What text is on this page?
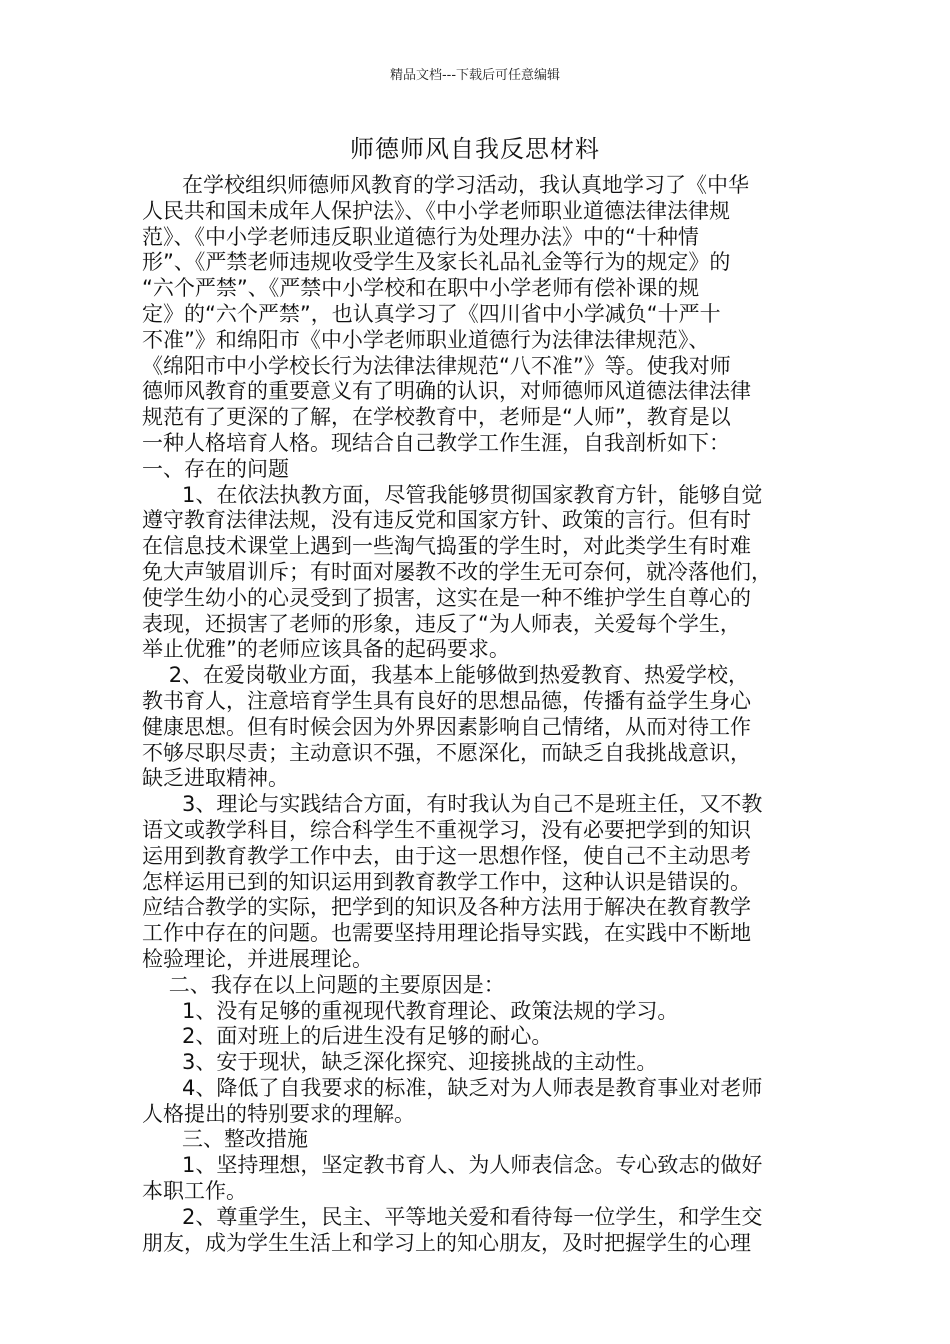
精品文档---下载后可任意编辑
师德师风自我反思材料
在学校组织师德师风教育的学习活动，我认真地学习了《中华
人民共和国未成年人保护法》、《中小学老师职业道德法律法律规
范》、《中小学老师违反职业道德行为处理办法》中的“十种情
形”、《严禁老师违规收受学生及家长礼品礼金等行为的规定》的
“六个严禁”、《严禁中小学校和在职中小学老师有偿补课的规
定》的“六个严禁”，也认真学习了《四川省中小学减负“十严十
不准”》和绵阳市《中小学老师职业道德行为法律法律规范》、
《绵阳市中小学校长行为法律法律规范“八不准”》等。使我对师
德师风教育的重要意义有了明确的认识，对师德师风道德法律法律
规范有了更深的了解，在学校教育中，老师是“人师”，教育是以
一种人格培育人格。现结合自己教学工作生涯，自我剖析如下：
一、存在的问题
1、在依法执教方面，尽管我能够贯彻国家教育方针，能够自觉
遵守教育法律法规，没有违反党和国家方针、政策的言行。但有时
在信息技术课堂上遇到一些淘气捣蛋的学生时，对此类学生有时难
免大声皱眉训斥；有时面对屡教不改的学生无可奈何，就冷落他们，
使学生幼小的心灵受到了损害，这实在是一种不维护学生自尊心的
表现，还损害了老师的形象，违反了“为人师表，关爱每个学生，
举止优雅”的老师应该具备的起码要求。
2、在爱岗敬业方面，我基本上能够做到热爱教育、热爱学校，
教书育人，注意培育学生具有良好的思想品德，传播有益学生身心
健康思想。但有时候会因为外界因素影响自己情绪，从而对待工作
不够尽职尽责；主动意识不强，不愿深化，而缺乏自我挑战意识，
缺乏进取精神。
3、理论与实践结合方面，有时我认为自己不是班主任，又不教
语文或教学科目，综合科学生不重视学习，没有必要把学到的知识
运用到教育教学工作中去，由于这一思想作怪，使自己不主动思考
怎样运用已到的知识运用到教育教学工作中，这种认识是错误的。
应结合教学的实际，把学到的知识及各种方法用于解决在教育教学
工作中存在的问题。也需要坚持用理论指导实践，在实践中不断地
检验理论，并进展理论。
二、我存在以上问题的主要原因是：
1、没有足够的重视现代教育理论、政策法规的学习。
2、面对班上的后进生没有足够的耐心。
3、安于现状，缺乏深化探究、迎接挑战的主动性。
4、降低了自我要求的标准，缺乏对为人师表是教育事业对老师
人格提出的特别要求的理解。
三、整改措施
1、坚持理想，坚定教书育人、为人师表信念。专心致志的做好
本职工作。
2、尊重学生，民主、平等地关爱和看待每一位学生，和学生交
朋友，成为学生生活上和学习上的知心朋友，及时把握学生的心理
